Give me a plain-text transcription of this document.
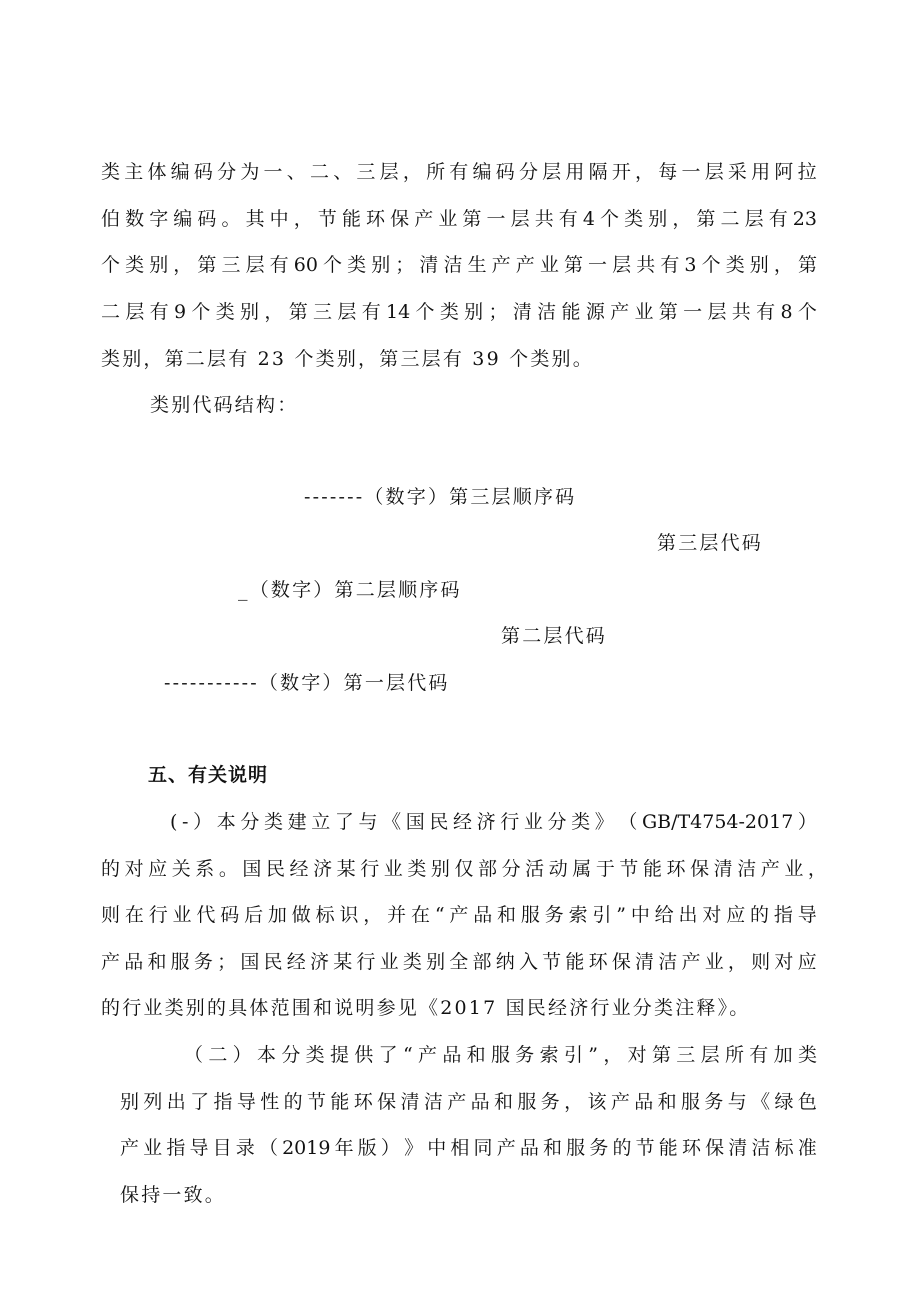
类 主 体 编 码 分 为 一 、 二 、 三 层 ， 所 有 编 码 分 层 用 隔 开 ， 每 一 层 采 用 阿 拉
伯 数 字 编 码 。 其 中 ， 节 能 环 保 产 业 第 一 层 共 有 4 个 类 别 ， 第 二 层 有 23
个 类 别 ， 第 三 层 有 60 个 类 别 ； 清 洁 生 产 产 业 第 一 层 共 有 3 个 类 别 ， 第
二 层 有 9 个 类 别 ， 第 三 层 有 14 个 类 别 ； 清 洁 能 源 产 业 第 一 层 共 有 8 个
类别，第二层有 23 个类别，第三层有 39 个类别。
类别代码结构：
-------（数字）第三层顺序码
第三层代码
_（数字）第二层顺序码
第二层代码
-----------（数字）第一层代码
五、有关说明
( - ） 本 分 类 建 立 了 与 《 国 民 经 济 行 业 分 类 》 （ GB/T4754-2017 ）
的 对 应 关 系 。 国 民 经 济 某 行 业 类 别 仅 部 分 活 动 属 于 节 能 环 保 清 洁 产 业 ，
则 在 行 业 代 码 后 加 做 标 识 ， 并 在 “ 产 品 和 服 务 索 引 ” 中 给 出 对 应 的 指 导
产 品 和 服 务 ； 国 民 经 济 某 行 业 类 别 全 部 纳 入 节 能 环 保 清 洁 产 业 ， 则 对 应
的行业类别的具体范围和说明参见《2017 国民经济行业分类注释》。
（ 二 ） 本 分 类 提 供 了 “ 产 品 和 服 务 索 引 ” ， 对 第 三 层 所 有 加 类
别 列 出 了 指 导 性 的 节 能 环 保 清 洁 产 品 和 服 务 ， 该 产 品 和 服 务 与 《 绿 色
产 业 指 导 目 录 （ 2019 年 版 ） 》 中 相 同 产 品 和 服 务 的 节 能 环 保 清 洁 标 准
保持一致。
